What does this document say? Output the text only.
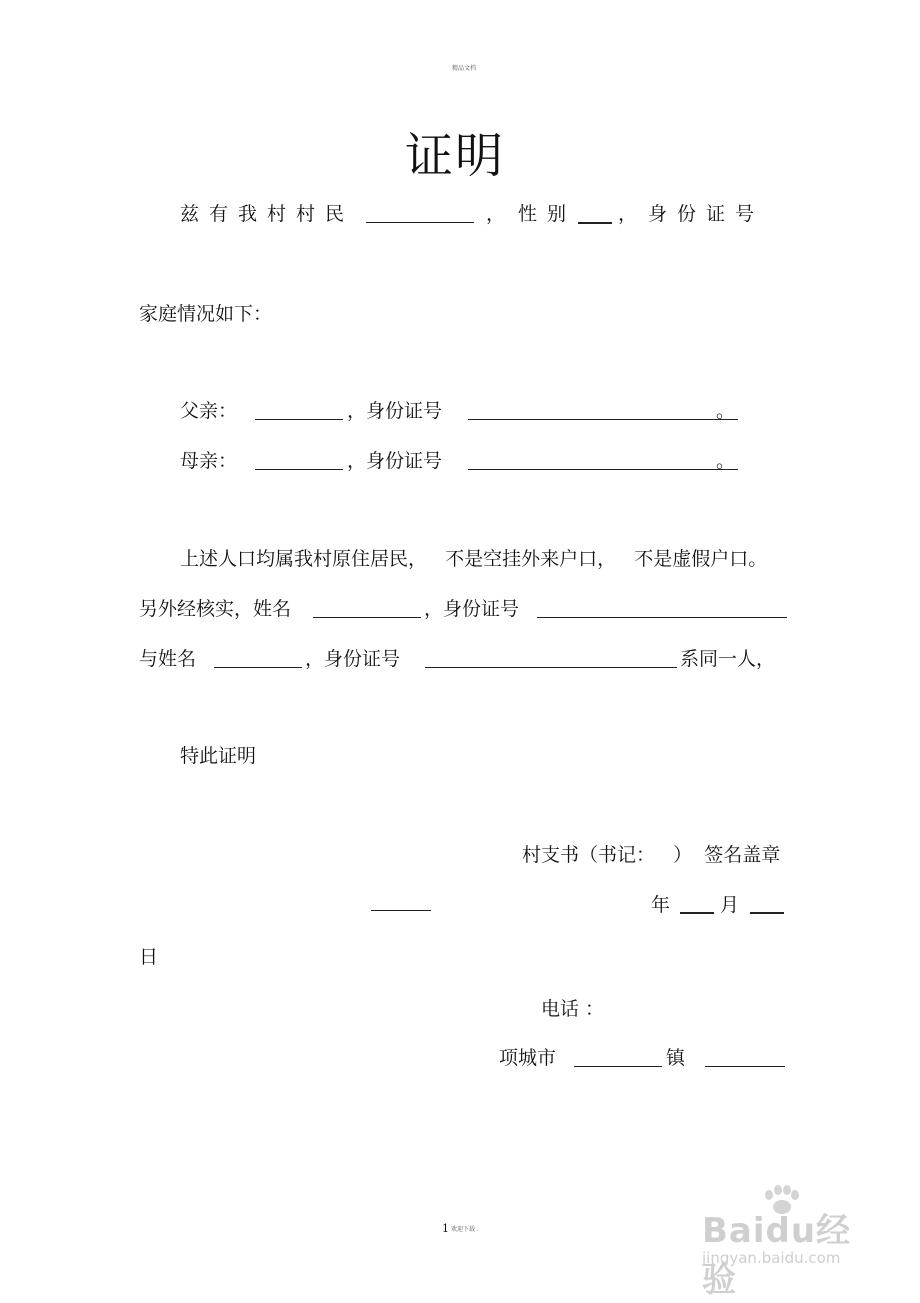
精品文档
证明
兹有我村村民	， 性别 ， 身份证号
家庭情况如下：
父亲：	，身份证号	。
母亲：	，身份证号	。
上述人口均属我村原住居民，   不是空挂外来户口，   不是虚假户口。
另外经核实，姓名	，身份证号
与姓名	，身份证号	系同一人，
特此证明
村支书（书记：   ）  签名盖章
年	月
日
电话 ：
项城市	镇
1 欢迎下载 .	Baidu经验
jingyan.baidu.com
